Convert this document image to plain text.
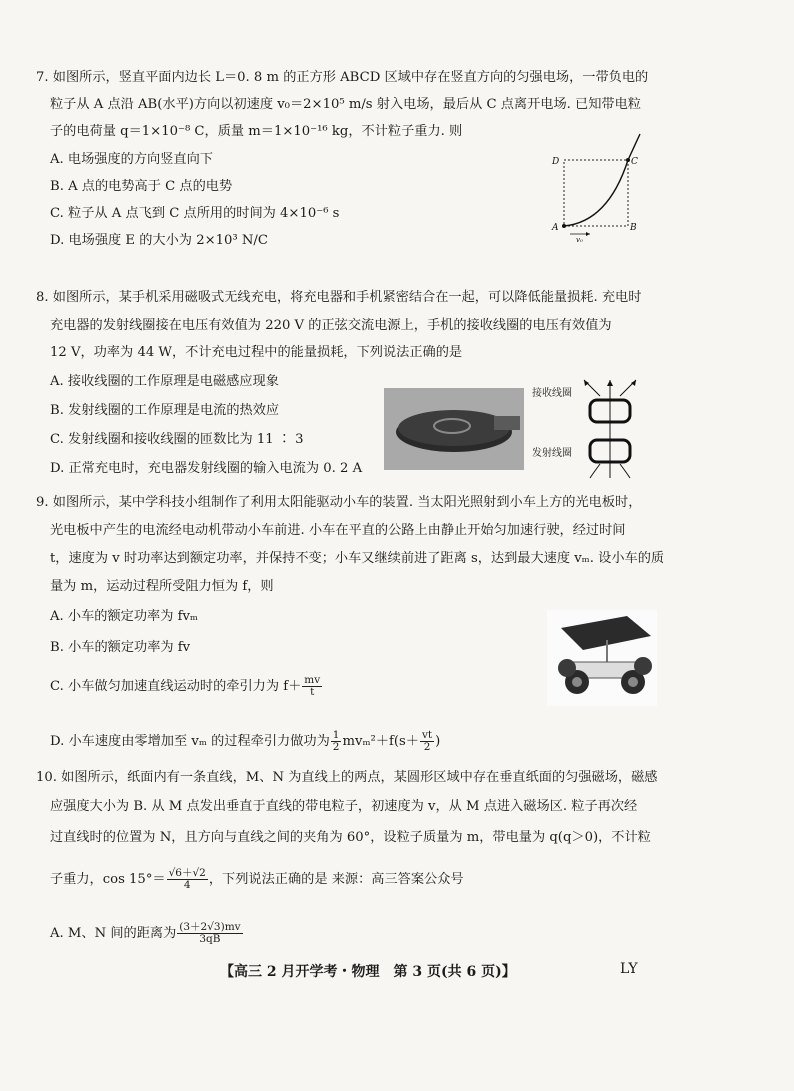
7. 如图所示，竖直平面内边长 L＝0. 8 m 的正方形 ABCD 区域中存在竖直方向的匀强电场，一带负电的
粒子从 A 点沿 AB(水平)方向以初速度 v₀＝2×10⁵ m/s 射入电场，最后从 C 点离开电场. 已知带电粒
子的电荷量 q＝1×10⁻⁸ C，质量 m＝1×10⁻¹⁶ kg，不计粒子重力. 则
A. 电场强度的方向竖直向下
B. A 点的电势高于 C 点的电势
C. 粒子从 A 点飞到 C 点所用的时间为 4×10⁻⁶ s
D. 电场强度 E 的大小为 2×10³ N/C
D	C
A	B
v₀
8. 如图所示，某手机采用磁吸式无线充电，将充电器和手机紧密结合在一起，可以降低能量损耗. 充电时
充电器的发射线圈接在电压有效值为 220 V 的正弦交流电源上，手机的接收线圈的电压有效值为
12 V，功率为 44 W，不计充电过程中的能量损耗，下列说法正确的是
A. 接收线圈的工作原理是电磁感应现象
B. 发射线圈的工作原理是电流的热效应
C. 发射线圈和接收线圈的匝数比为 11 ∶ 3
D. 正常充电时，充电器发射线圈的输入电流为 0. 2 A
接收线圈
发射线圈
9. 如图所示，某中学科技小组制作了利用太阳能驱动小车的装置. 当太阳光照射到小车上方的光电板时，
光电板中产生的电流经电动机带动小车前进. 小车在平直的公路上由静止开始匀加速行驶，经过时间
t，速度为 v 时功率达到额定功率，并保持不变；小车又继续前进了距离 s，达到最大速度 vₘ. 设小车的质
量为 m，运动过程所受阻力恒为 f，则
A. 小车的额定功率为 fvₘ
B. 小车的额定功率为 fv
C. 小车做匀加速直线运动时的牵引力为 $f+ \frac{mv}{t}$
D. 小车速度由零增加至 vₘ 的过程牵引力做功为 $\frac{1}{2} mv_m^2+f(s+ \frac{vt}{2}$ )
10. 如图所示，纸面内有一条直线，M、N 为直线上的两点，某圆形区域中存在垂直纸面的匀强磁场，磁感
应强度大小为 B. 从 M 点发出垂直于直线的带电粒子，初速度为 v，从 M 点进入磁场区. 粒子再次经
过直线时的位置为 N，且方向与直线之间的夹角为 60°，设粒子质量为 m，带电量为 q(q＞0)，不计粒
子重力，$\cos 15^\circ= \frac{√6+√2}{4}$ ，下列说法正确的是 来源：高三答案公众号
A. M、N 间的距离为 $\frac{(3+2√3)mv}{3qB}$
【高三 2 月开学考・物理　第 3 页(共 6 页)】	LY
